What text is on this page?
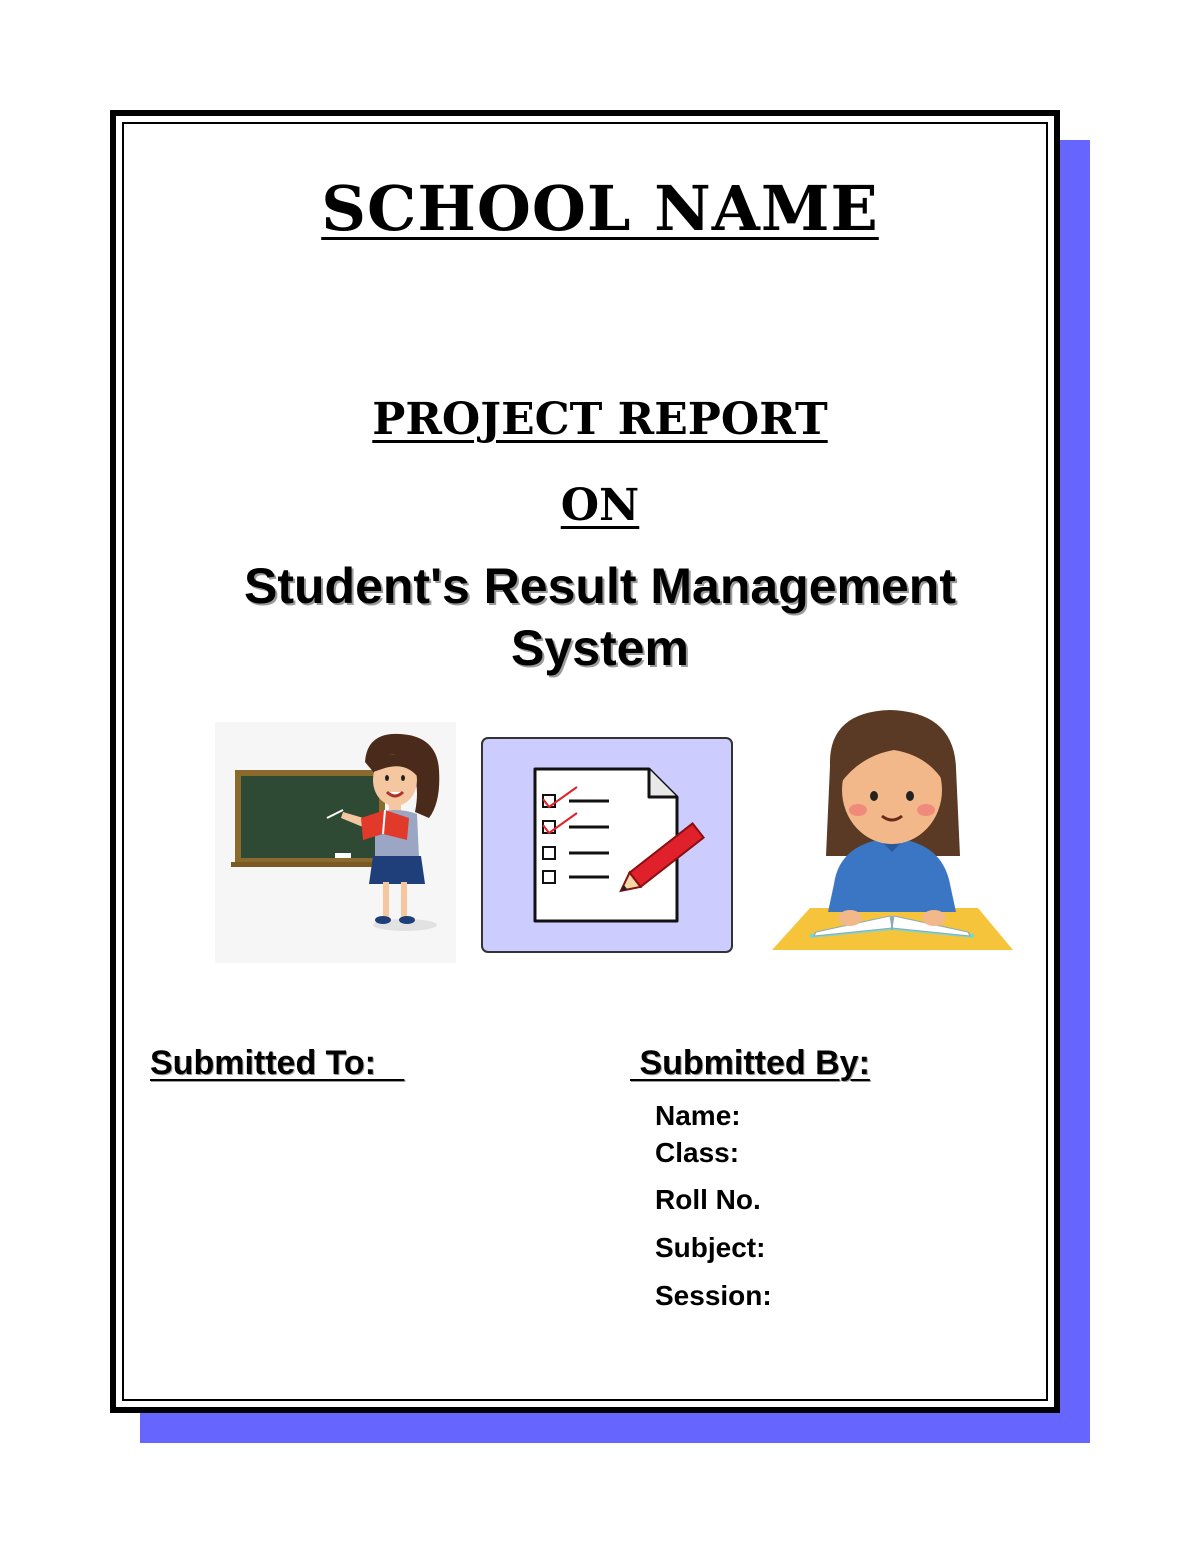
SCHOOL NAME
PROJECT REPORT
ON
Student's Result Management
System
Submitted To:	Submitted By:
Name:
Class:
Roll No.
Subject:
Session:
